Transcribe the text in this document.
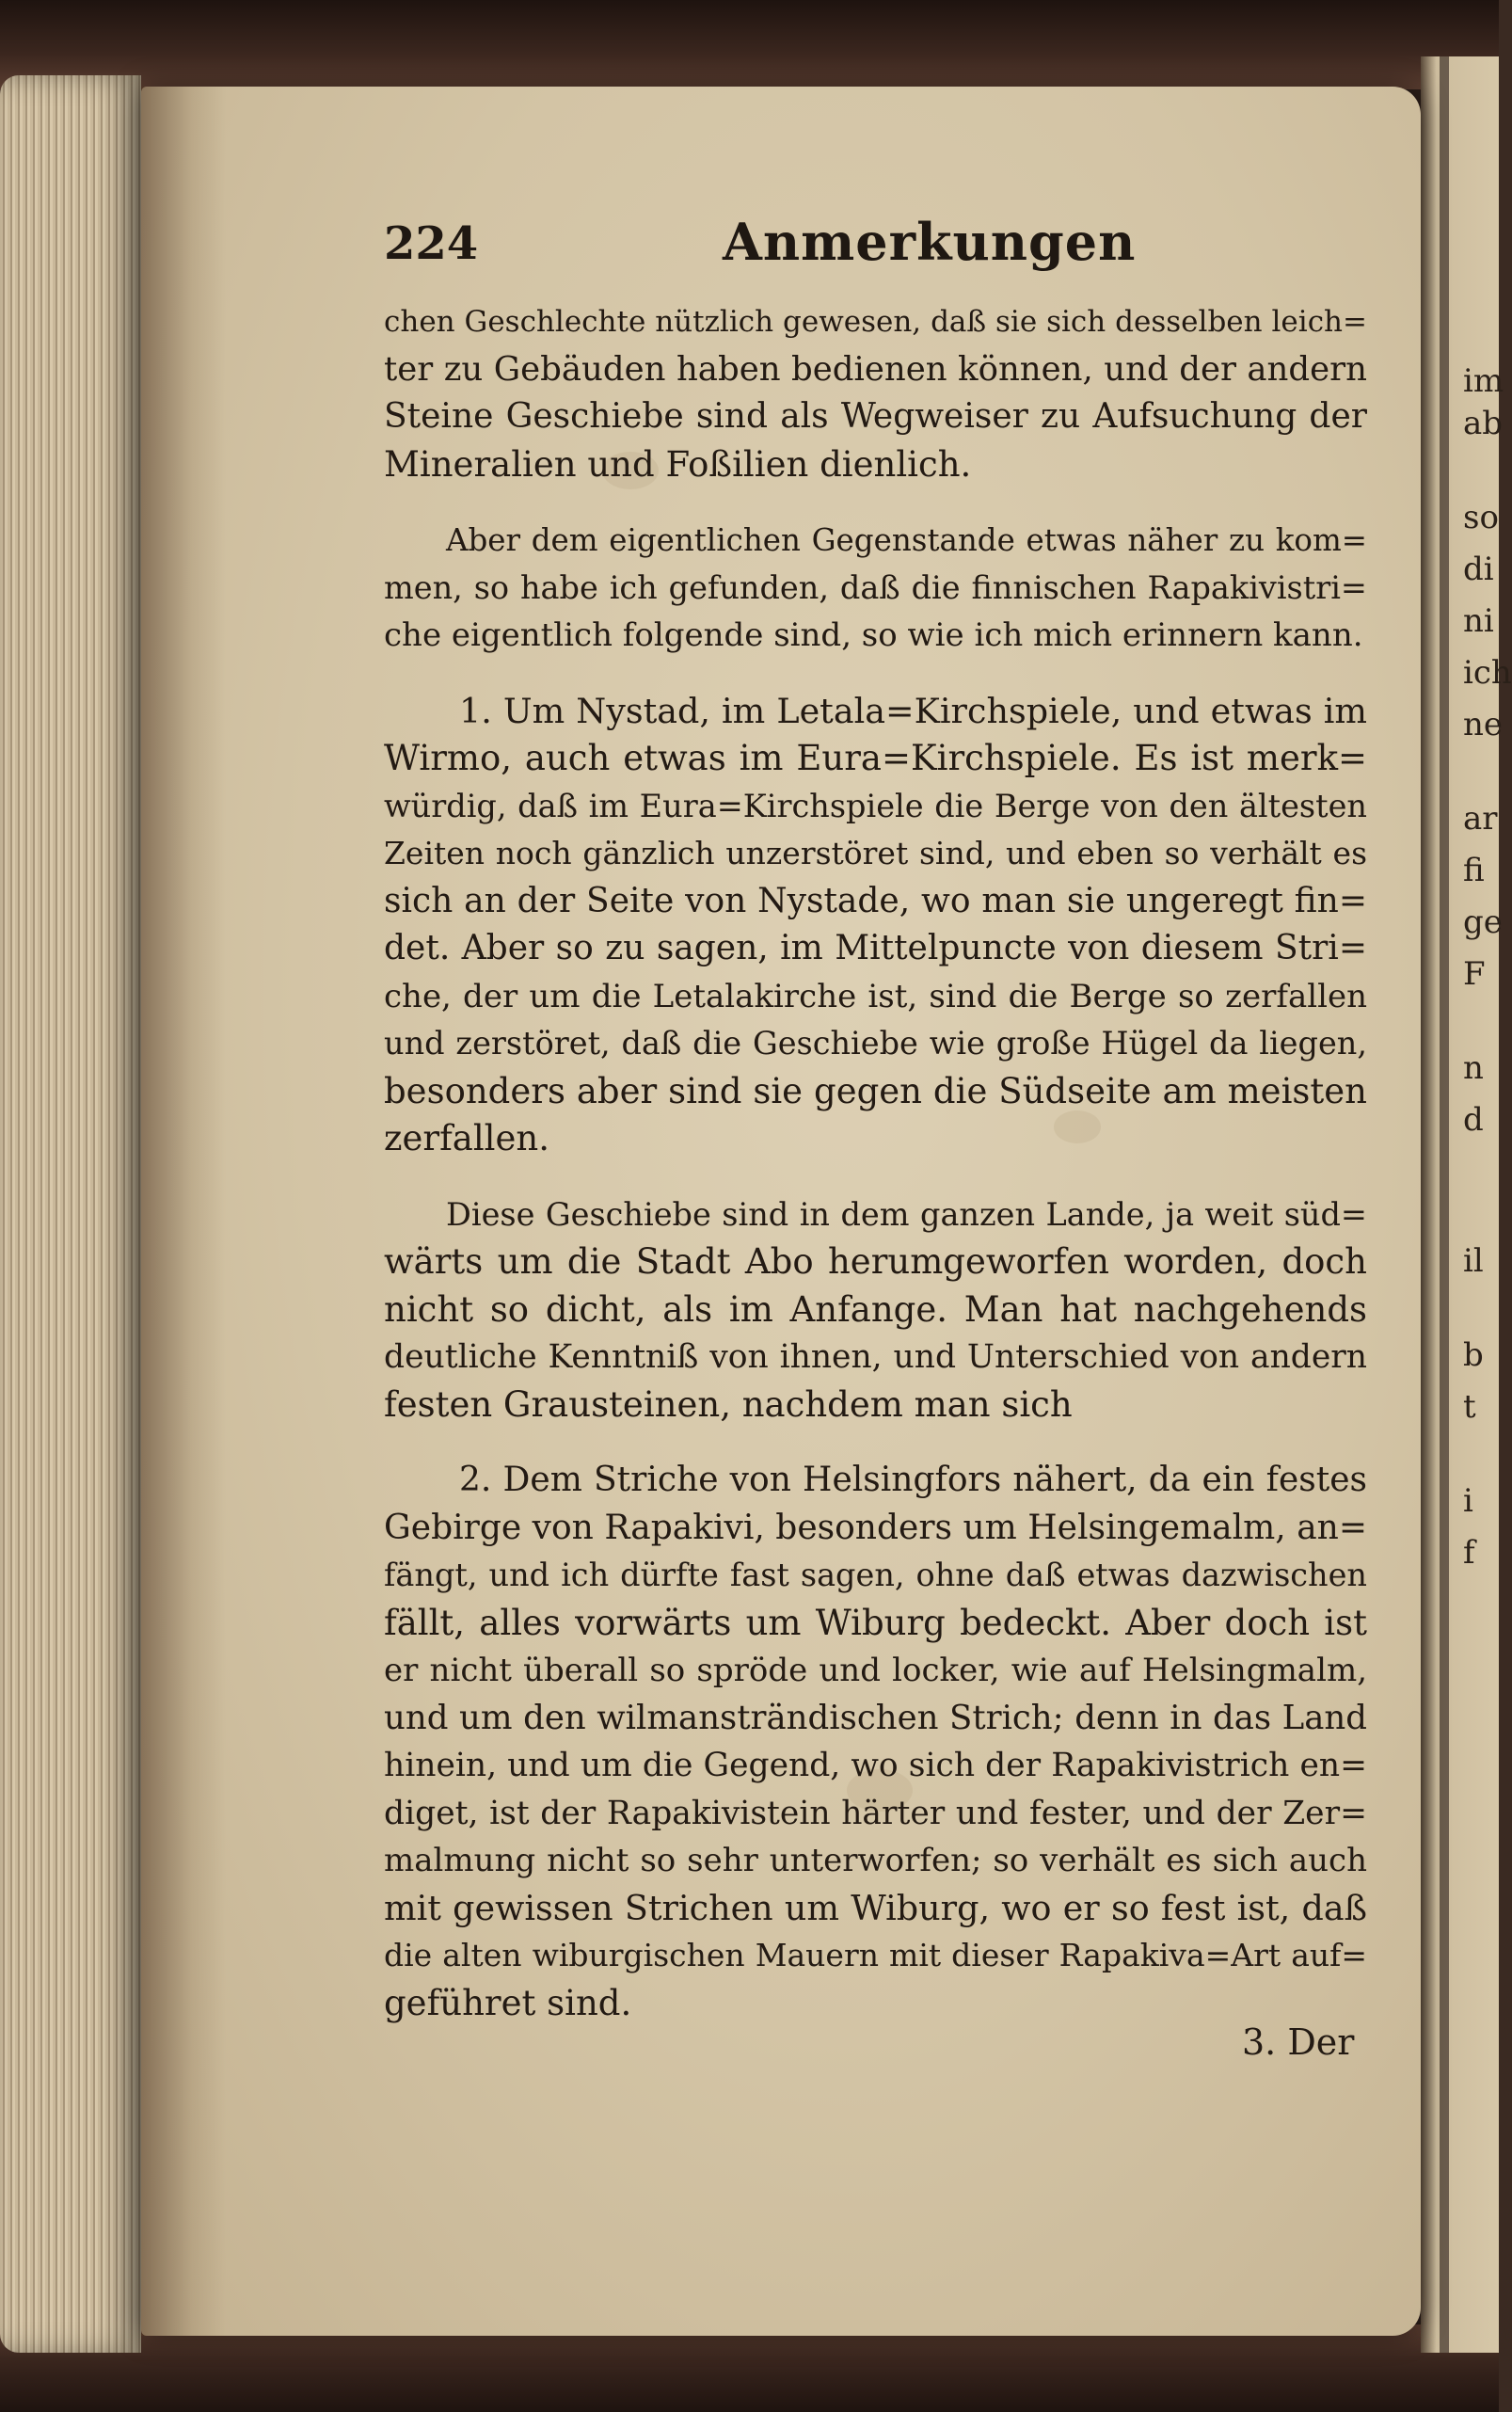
224	Anmerkungen
chen Geschlechte nützlich gewesen, daß sie sich desselben leich=
ter zu Gebäuden haben bedienen können, und der andern
Steine Geschiebe sind als Wegweiser zu Aufsuchung der
Mineralien und Foßilien dienlich.
Aber dem eigentlichen Gegenstande etwas näher zu kom=
men, so habe ich gefunden, daß die finnischen Rapakivistri=
che eigentlich folgende sind, so wie ich mich erinnern kann.
1. Um Nystad, im Letala=Kirchspiele, und etwas im
Wirmo, auch etwas im Eura=Kirchspiele. Es ist merk=
würdig, daß im Eura=Kirchspiele die Berge von den ältesten
Zeiten noch gänzlich unzerstöret sind, und eben so verhält es
sich an der Seite von Nystade, wo man sie ungeregt fin=
det. Aber so zu sagen, im Mittelpuncte von diesem Stri=
che, der um die Letalakirche ist, sind die Berge so zerfallen
und zerstöret, daß die Geschiebe wie große Hügel da liegen,
besonders aber sind sie gegen die Südseite am meisten
zerfallen.
Diese Geschiebe sind in dem ganzen Lande, ja weit süd=
wärts um die Stadt Abo herumgeworfen worden, doch
nicht so dicht, als im Anfange. Man hat nachgehends
deutliche Kenntniß von ihnen, und Unterschied von andern
festen Grausteinen, nachdem man sich
2. Dem Striche von Helsingfors nähert, da ein festes
Gebirge von Rapakivi, besonders um Helsingemalm, an=
fängt, und ich dürfte fast sagen, ohne daß etwas dazwischen
fällt, alles vorwärts um Wiburg bedeckt. Aber doch ist
er nicht überall so spröde und locker, wie auf Helsingmalm,
und um den wilmansträndischen Strich; denn in das Land
hinein, und um die Gegend, wo sich der Rapakivistrich en=
diget, ist der Rapakivistein härter und fester, und der Zer=
malmung nicht so sehr unterworfen; so verhält es sich auch
mit gewissen Strichen um Wiburg, wo er so fest ist, daß
die alten wiburgischen Mauern mit dieser Rapakiva=Art auf=
geführet sind.
3. Der
im
ab
so
di
ni
ich
ne
ar
fi
ge
F
n
d
il
b
t
i
f
